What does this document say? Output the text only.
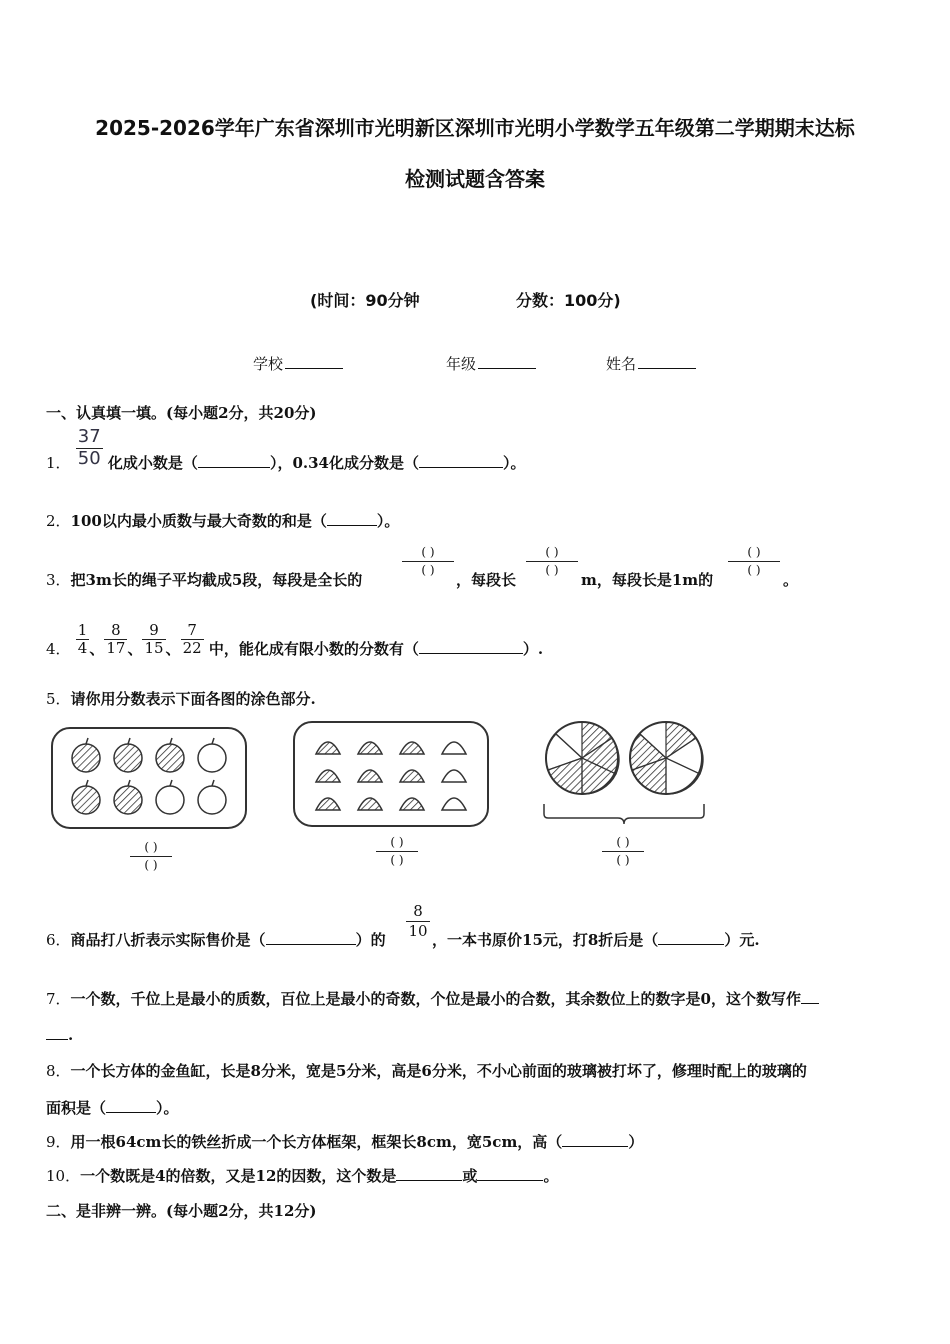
2025-2026学年广东省深圳市光明新区深圳市光明小学数学五年级第二学期期末达标
检测试题含答案
(时间：90分钟	分数：100分)
学校	年级	姓名
一、认真填一填。(每小题2分，共20分)
1． $\frac{37}{50}$ 化成小数是（	），0.34化成分数是（	）。
2．100以内最小质数与最大奇数的和是（	）。
3．把3m长的绳子平均截成5段，每段是全长的
( )
( )
，每段长
( )
( )
m，每段长是1m的
( )
( )
。
4． $\frac{1}{4}$ 、 $\frac{8}{17}$ 、 $\frac{9}{15}$ 、 $\frac{7}{22}$ 中，能化成有限小数的分数有（	）.
5．请你用分数表示下面各图的涂色部分.
( )
( )
( )
( )
( )
( )
6．商品打八折表示实际售价是（	）的 $\frac{8}{10}$ ，一本书原价15元，打8折后是（	）元.
7．一个数，千位上是最小的质数，百位上是最小的奇数，个位是最小的合数，其余数位上的数字是0，这个数写作
.
8．一个长方体的金鱼缸，长是8分米，宽是5分米，高是6分米，不小心前面的玻璃被打坏了，修理时配上的玻璃的
面积是（	）。
9．用一根64cm长的铁丝折成一个长方体框架，框架长8cm，宽5cm，高（	）
10．一个数既是4的倍数，又是12的因数，这个数是	或	。
二、是非辨一辨。(每小题2分，共12分)
